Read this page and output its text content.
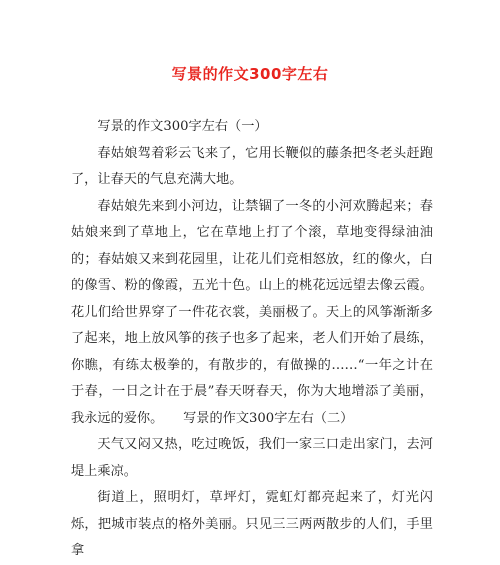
写景的作文300字左右

写景的作文300字左右（一）

春姑娘驾着彩云飞来了，它用长鞭似的藤条把冬老头赶跑了，让春天的气息充满大地。

春姑娘先来到小河边，让禁锢了一冬的小河欢腾起来；春姑娘来到了草地上，它在草地上打了个滚，草地变得绿油油的；春姑娘又来到花园里，让花儿们竞相怒放，红的像火，白的像雪、粉的像霞，五光十色。山上的桃花远远望去像云霞。花儿们给世界穿了一件花衣裳，美丽极了。天上的风筝渐渐多了起来，地上放风筝的孩子也多了起来，老人们开始了晨练，你瞧，有练太极拳的，有散步的，有做操的……“一年之计在于春，一日之计在于晨”春天呀春天，你为大地增添了美丽，我永远的爱你。　　写景的作文300字左右（二）

天气又闷又热，吃过晚饭，我们一家三口走出家门，去河堤上乘凉。

街道上，照明灯，草坪灯，霓虹灯都亮起来了，灯光闪烁，把城市装点的格外美丽。只见三三两两散步的人们，手里拿
